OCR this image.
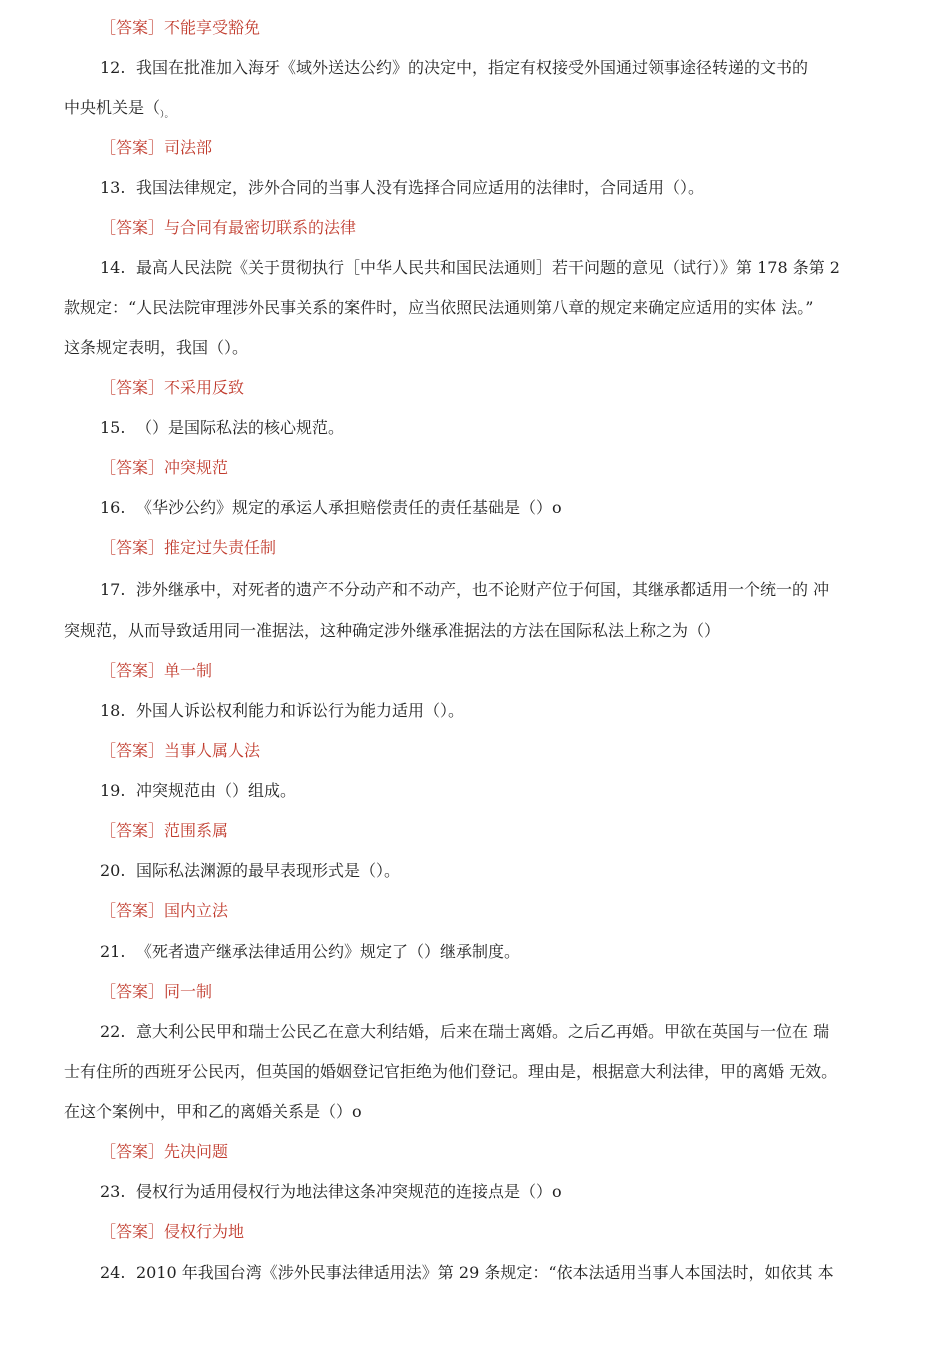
［答案］不能享受豁免
12. 我国在批准加入海牙《域外送达公约》的决定中，指定有权接受外国通过领事途径转递的文书的
中央机关是（$_{)。}$
［答案］司法部
13. 我国法律规定，涉外合同的当事人没有选择合同应适用的法律时，合同适用（）。
［答案］与合同有最密切联系的法律
14. 最高人民法院《关于贯彻执行［中华人民共和国民法通则］若干问题的意见（试行）》第 178 条第 2
款规定：“人民法院审理涉外民事关系的案件时，应当依照民法通则第八章的规定来确定应适用的实体 法。”
这条规定表明，我国（）。
［答案］不采用反致
15. （）是国际私法的核心规范。
［答案］冲突规范
16. 《华沙公约》规定的承运人承担赔偿责任的责任基础是（）o
［答案］推定过失责任制
17. 涉外继承中，对死者的遗产不分动产和不动产，也不论财产位于何国，其继承都适用一个统一的 冲
突规范，从而导致适用同一准据法，这种确定涉外继承准据法的方法在国际私法上称之为（）
［答案］单一制
18. 外国人诉讼权利能力和诉讼行为能力适用（）。
［答案］当事人属人法
19. 冲突规范由（）组成。
［答案］范围系属
20. 国际私法渊源的最早表现形式是（）。
［答案］国内立法
21. 《死者遗产继承法律适用公约》规定了（）继承制度。
［答案］同一制
22. 意大利公民甲和瑞士公民乙在意大利结婚，后来在瑞士离婚。之后乙再婚。甲欲在英国与一位在 瑞
士有住所的西班牙公民丙，但英国的婚姻登记官拒绝为他们登记。理由是，根据意大利法律，甲的离婚 无效。
在这个案例中，甲和乙的离婚关系是（）o
［答案］先决问题
23. 侵权行为适用侵权行为地法律这条冲突规范的连接点是（）o
［答案］侵权行为地
24. 2010 年我国台湾《涉外民事法律适用法》第 29 条规定：“依本法适用当事人本国法时，如依其 本
